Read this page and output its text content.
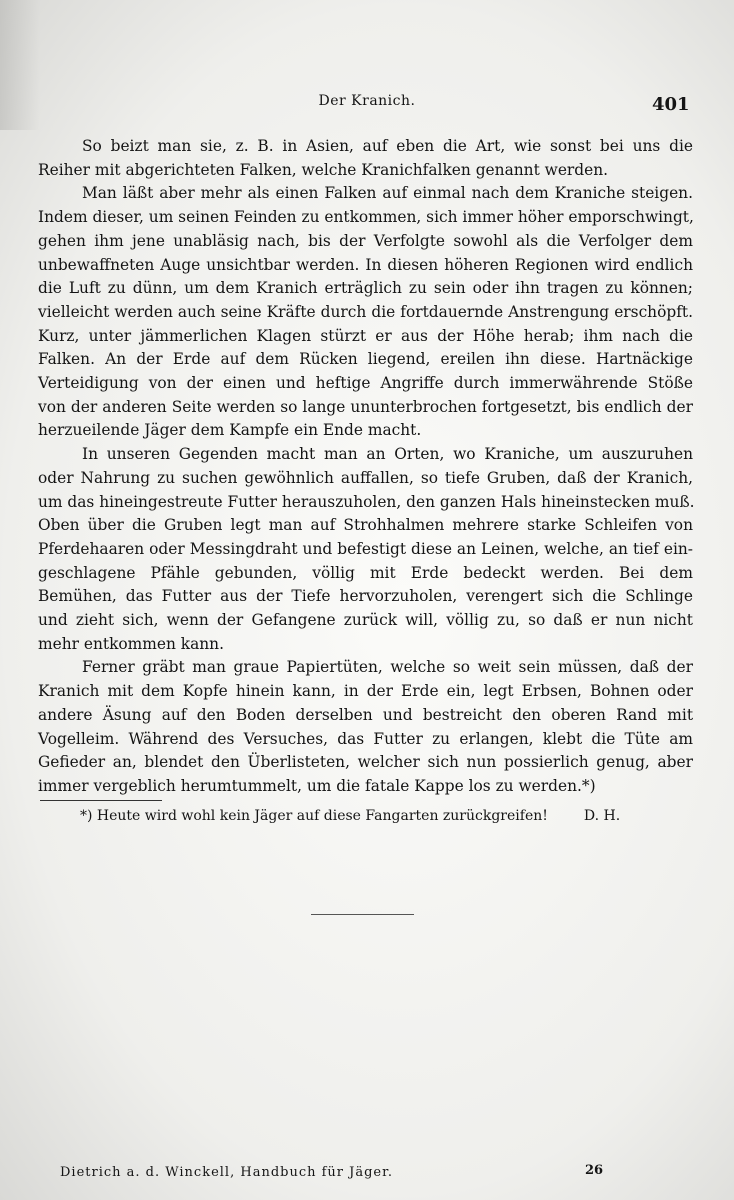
Der Kranich.	401

So beizt man sie, z. B. in Asien, auf eben die Art, wie sonst bei uns die
Reiher mit abgerichteten Falken, welche Kranichfalken genannt werden.

Man läßt aber mehr als einen Falken auf einmal nach dem Kraniche steigen.
Indem dieser, um seinen Feinden zu entkommen, sich immer höher emporschwingt,
gehen ihm jene unabläsig nach, bis der Verfolgte sowohl als die Verfolger dem
unbewaffneten Auge unsichtbar werden. In diesen höheren Regionen wird endlich
die Luft zu dünn, um dem Kranich erträglich zu sein oder ihn tragen zu können;
vielleicht werden auch seine Kräfte durch die fortdauernde Anstrengung erschöpft.
Kurz, unter jämmerlichen Klagen stürzt er aus der Höhe herab; ihm nach die
Falken. An der Erde auf dem Rücken liegend, ereilen ihn diese. Hartnäckige
Verteidigung von der einen und heftige Angriffe durch immerwährende Stöße
von der anderen Seite werden so lange ununterbrochen fortgesetzt, bis endlich der
herzueilende Jäger dem Kampfe ein Ende macht.

In unseren Gegenden macht man an Orten, wo Kraniche, um auszuruhen
oder Nahrung zu suchen gewöhnlich auffallen, so tiefe Gruben, daß der Kranich,
um das hineingestreute Futter herauszuholen, den ganzen Hals hineinstecken muß.
Oben über die Gruben legt man auf Strohhalmen mehrere starke Schleifen von
Pferdehaaren oder Messingdraht und befestigt diese an Leinen, welche, an tief ein-
geschlagene Pfähle gebunden, völlig mit Erde bedeckt werden. Bei dem
Bemühen, das Futter aus der Tiefe hervorzuholen, verengert sich die Schlinge
und zieht sich, wenn der Gefangene zurück will, völlig zu, so daß er nun nicht
mehr entkommen kann.

Ferner gräbt man graue Papiertüten, welche so weit sein müssen, daß der
Kranich mit dem Kopfe hinein kann, in der Erde ein, legt Erbsen, Bohnen oder
andere Äsung auf den Boden derselben und bestreicht den oberen Rand mit
Vogelleim. Während des Versuches, das Futter zu erlangen, klebt die Tüte am
Gefieder an, blendet den Überlisteten, welcher sich nun possierlich genug, aber
immer vergeblich herumtummelt, um die fatale Kappe los zu werden.*)

*) Heute wird wohl kein Jäger auf diese Fangarten zurückgreifen!	D. H.
Dietrich a. d. Winckell, Handbuch für Jäger.	26
